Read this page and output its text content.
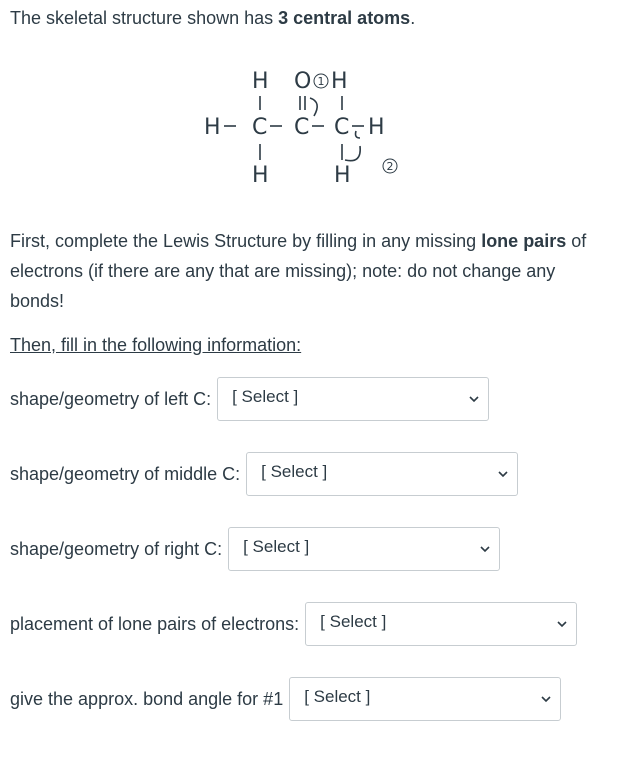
The skeletal structure shown has 3 central atoms.

H O 1 H
H C C C H
2
H	H

First, complete the Lewis Structure by filling in any missing lone pairs of electrons (if there are any that are missing); note: do not change any bonds!

Then, fill in the following information:

shape/geometry of left C: [ Select ]
shape/geometry of middle C: [ Select ]
shape/geometry of right C: [ Select ]
placement of lone pairs of electrons: [ Select ]
give the approx. bond angle for #1 [ Select ]
